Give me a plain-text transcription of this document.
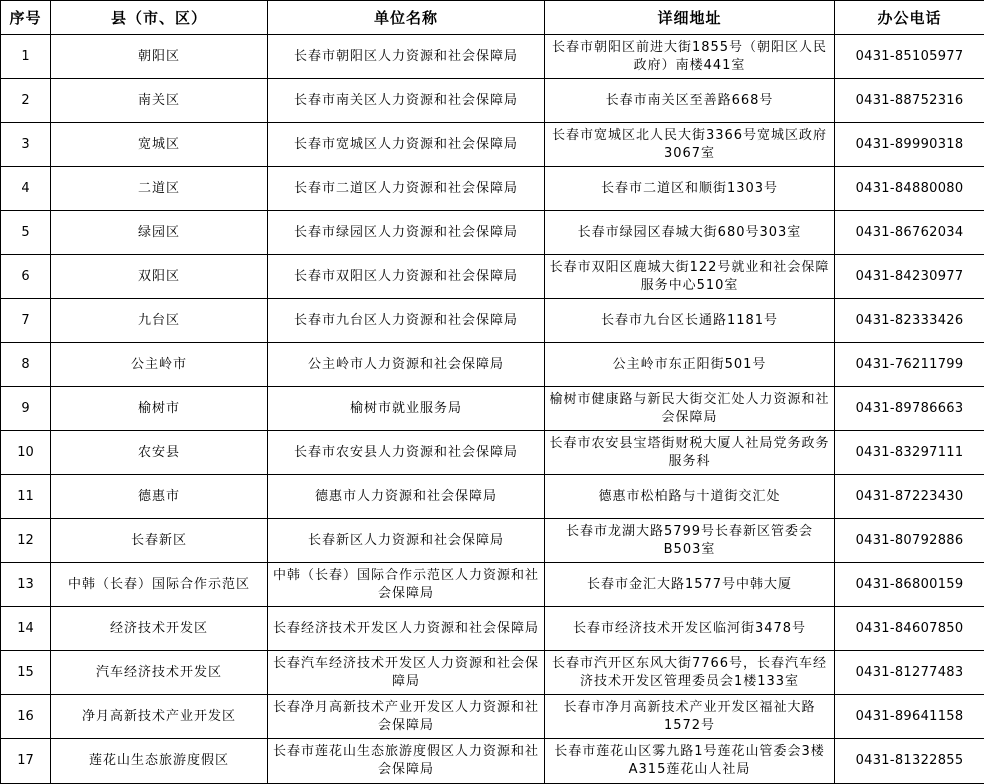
序号	县（市、区）	单位名称	详细地址	办公电话
1	朝阳区	长春市朝阳区人力资源和社会保障局	长春市朝阳区前进大街1855号（朝阳区人民政府）南楼441室	0431-85105977
2	南关区	长春市南关区人力资源和社会保障局	长春市南关区至善路668号	0431-88752316
3	宽城区	长春市宽城区人力资源和社会保障局	长春市宽城区北人民大街3366号宽城区政府3067室	0431-89990318
4	二道区	长春市二道区人力资源和社会保障局	长春市二道区和顺街1303号	0431-84880080
5	绿园区	长春市绿园区人力资源和社会保障局	长春市绿园区春城大街680号303室	0431-86762034
6	双阳区	长春市双阳区人力资源和社会保障局	长春市双阳区鹿城大街122号就业和社会保障服务中心510室	0431-84230977
7	九台区	长春市九台区人力资源和社会保障局	长春市九台区长通路1181号	0431-82333426
8	公主岭市	公主岭市人力资源和社会保障局	公主岭市东正阳街501号	0431-76211799
9	榆树市	榆树市就业服务局	榆树市健康路与新民大街交汇处人力资源和社会保障局	0431-89786663
10	农安县	长春市农安县人力资源和社会保障局	长春市农安县宝塔街财税大厦人社局党务政务服务科	0431-83297111
11	德惠市	德惠市人力资源和社会保障局	德惠市松柏路与十道街交汇处	0431-87223430
12	长春新区	长春新区人力资源和社会保障局	长春市龙湖大路5799号长春新区管委会B503室	0431-80792886
13	中韩（长春）国际合作示范区	中韩（长春）国际合作示范区人力资源和社会保障局	长春市金汇大路1577号中韩大厦	0431-86800159
14	经济技术开发区	长春经济技术开发区人力资源和社会保障局	长春市经济技术开发区临河街3478号	0431-84607850
15	汽车经济技术开发区	长春汽车经济技术开发区人力资源和社会保障局	长春市汽开区东风大街7766号，长春汽车经济技术开发区管理委员会1楼133室	0431-81277483
16	净月高新技术产业开发区	长春净月高新技术产业开发区人力资源和社会保障局	长春市净月高新技术产业开发区福祉大路1572号	0431-89641158
17	莲花山生态旅游度假区	长春市莲花山生态旅游度假区人力资源和社会保障局	长春市莲花山区雾九路1号莲花山管委会3楼A315莲花山人社局	0431-81322855
